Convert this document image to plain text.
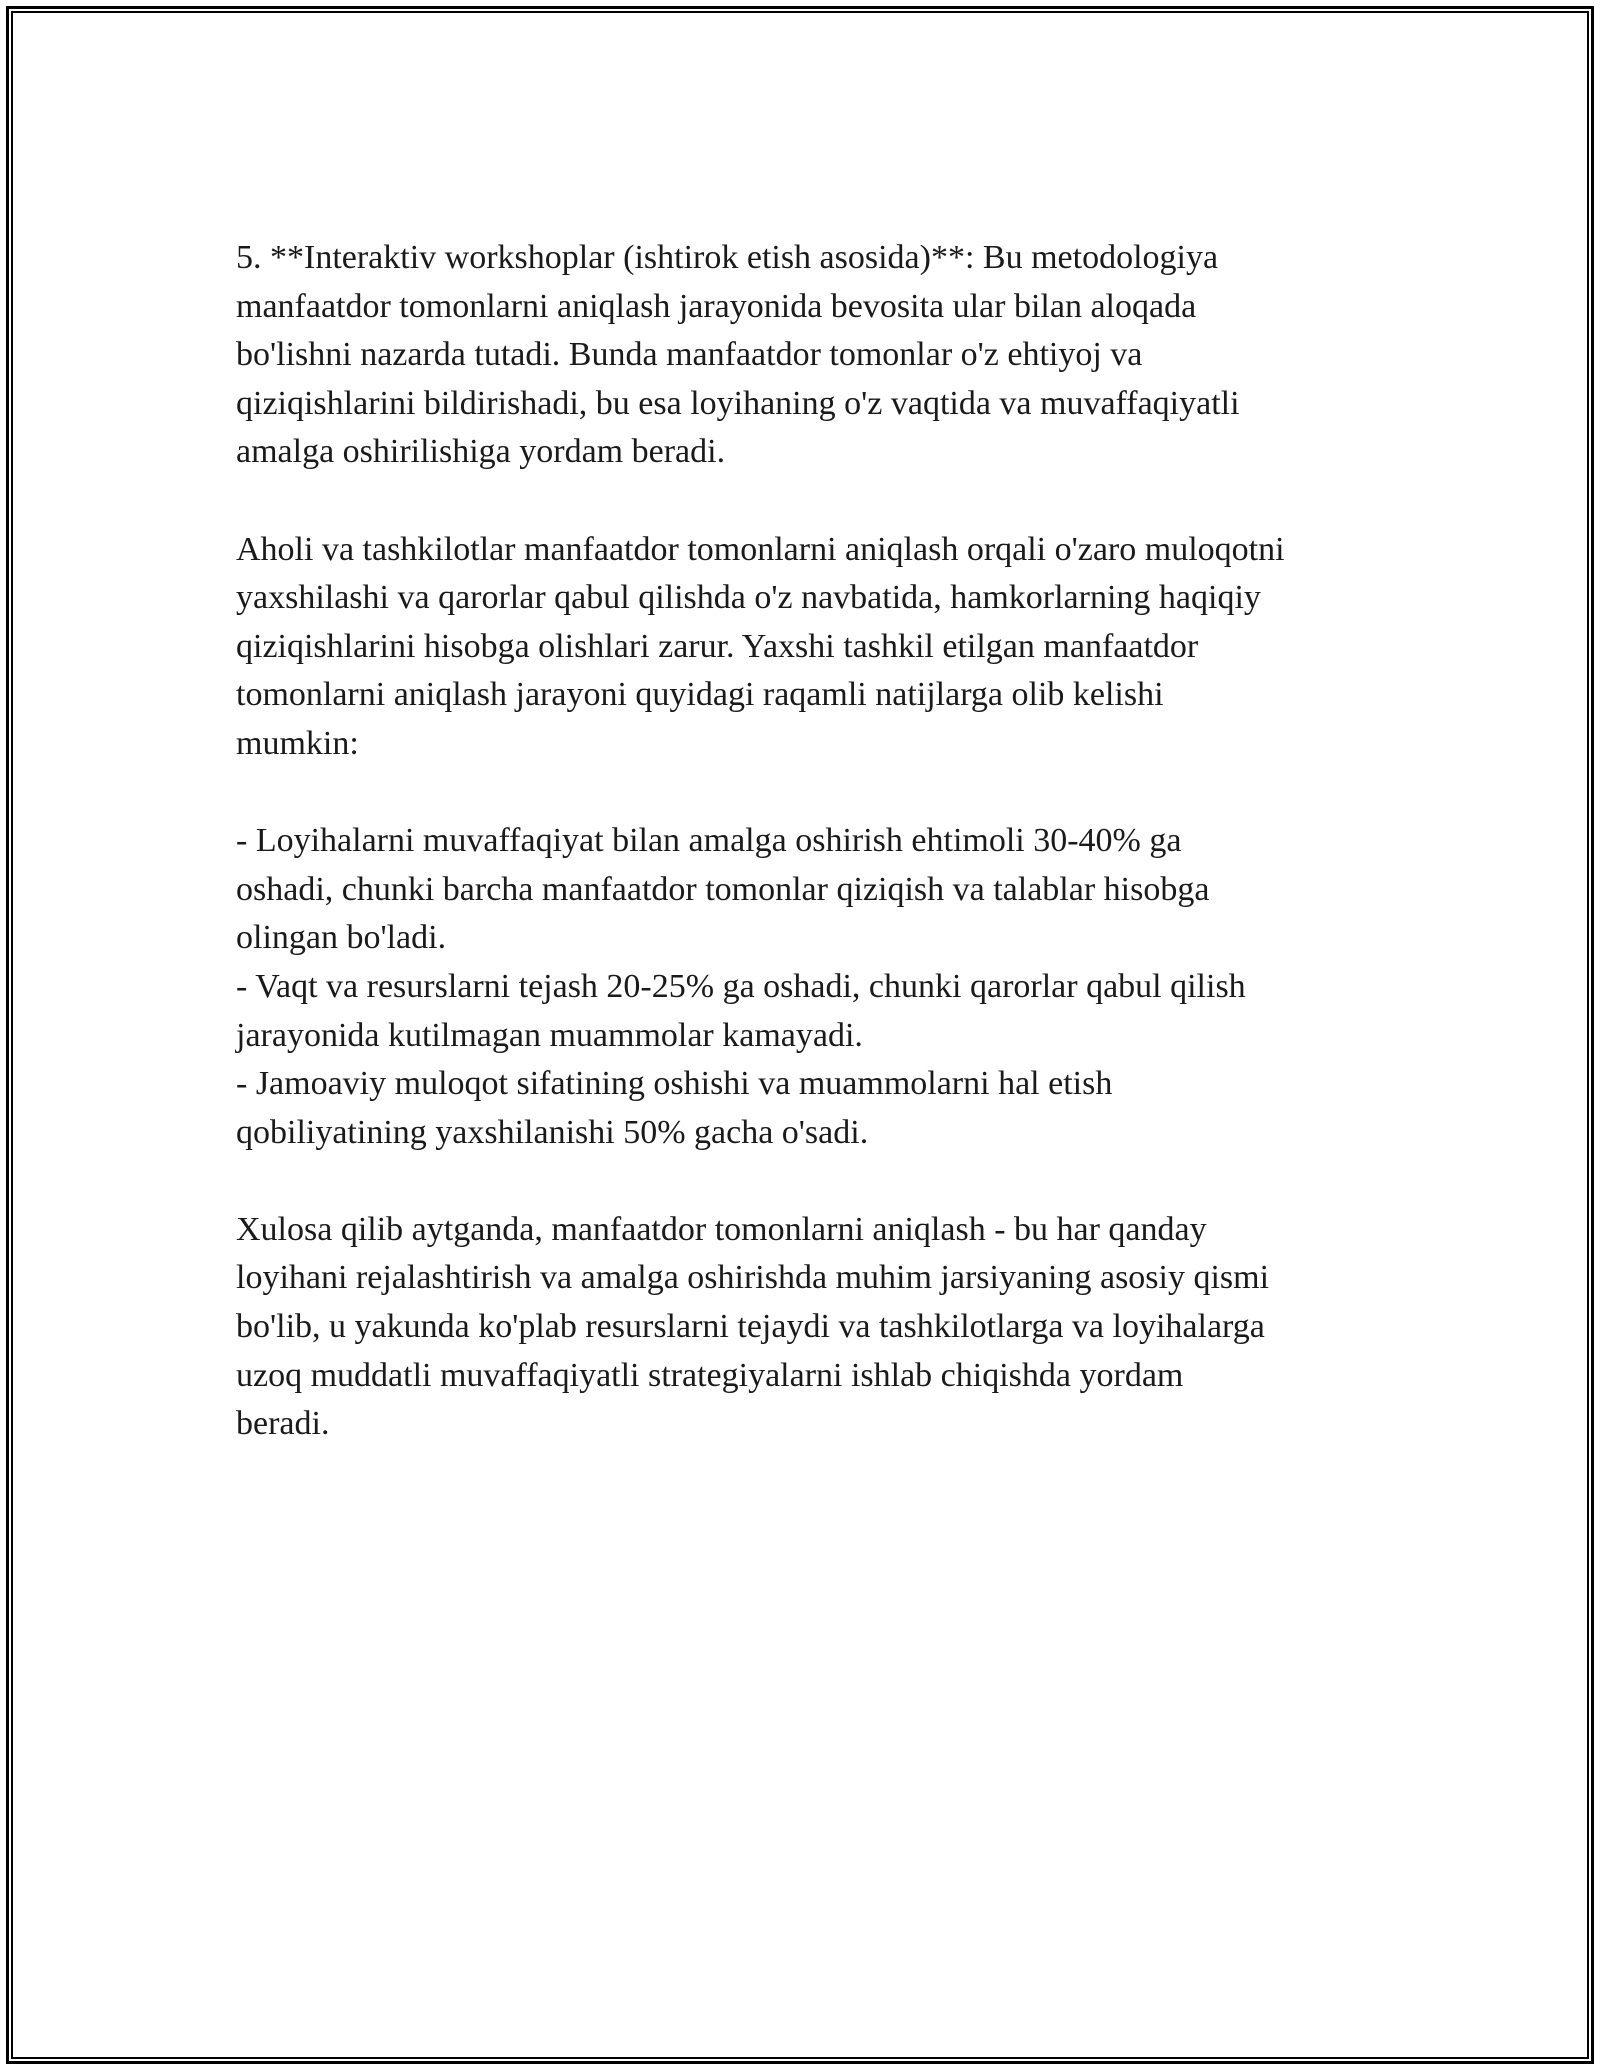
5. **Interaktiv workshoplar (ishtirok etish asosida)**: Bu metodologiya
manfaatdor tomonlarni aniqlash jarayonida bevosita ular bilan aloqada
bo'lishni nazarda tutadi. Bunda manfaatdor tomonlar o'z ehtiyoj va
qiziqishlarini bildirishadi, bu esa loyihaning o'z vaqtida va muvaffaqiyatli
amalga oshirilishiga yordam beradi.

Aholi va tashkilotlar manfaatdor tomonlarni aniqlash orqali o'zaro muloqotni
yaxshilashi va qarorlar qabul qilishda o'z navbatida, hamkorlarning haqiqiy
qiziqishlarini hisobga olishlari zarur. Yaxshi tashkil etilgan manfaatdor
tomonlarni aniqlash jarayoni quyidagi raqamli natijlarga olib kelishi
mumkin:

- Loyihalarni muvaffaqiyat bilan amalga oshirish ehtimoli 30-40% ga
oshadi, chunki barcha manfaatdor tomonlar qiziqish va talablar hisobga
olingan bo'ladi.
- Vaqt va resurslarni tejash 20-25% ga oshadi, chunki qarorlar qabul qilish
jarayonida kutilmagan muammolar kamayadi.
- Jamoaviy muloqot sifatining oshishi va muammolarni hal etish
qobiliyatining yaxshilanishi 50% gacha o'sadi.

Xulosa qilib aytganda, manfaatdor tomonlarni aniqlash - bu har qanday
loyihani rejalashtirish va amalga oshirishda muhim jarsiyaning asosiy qismi
bo'lib, u yakunda ko'plab resurslarni tejaydi va tashkilotlarga va loyihalarga
uzoq muddatli muvaffaqiyatli strategiyalarni ishlab chiqishda yordam
beradi.
